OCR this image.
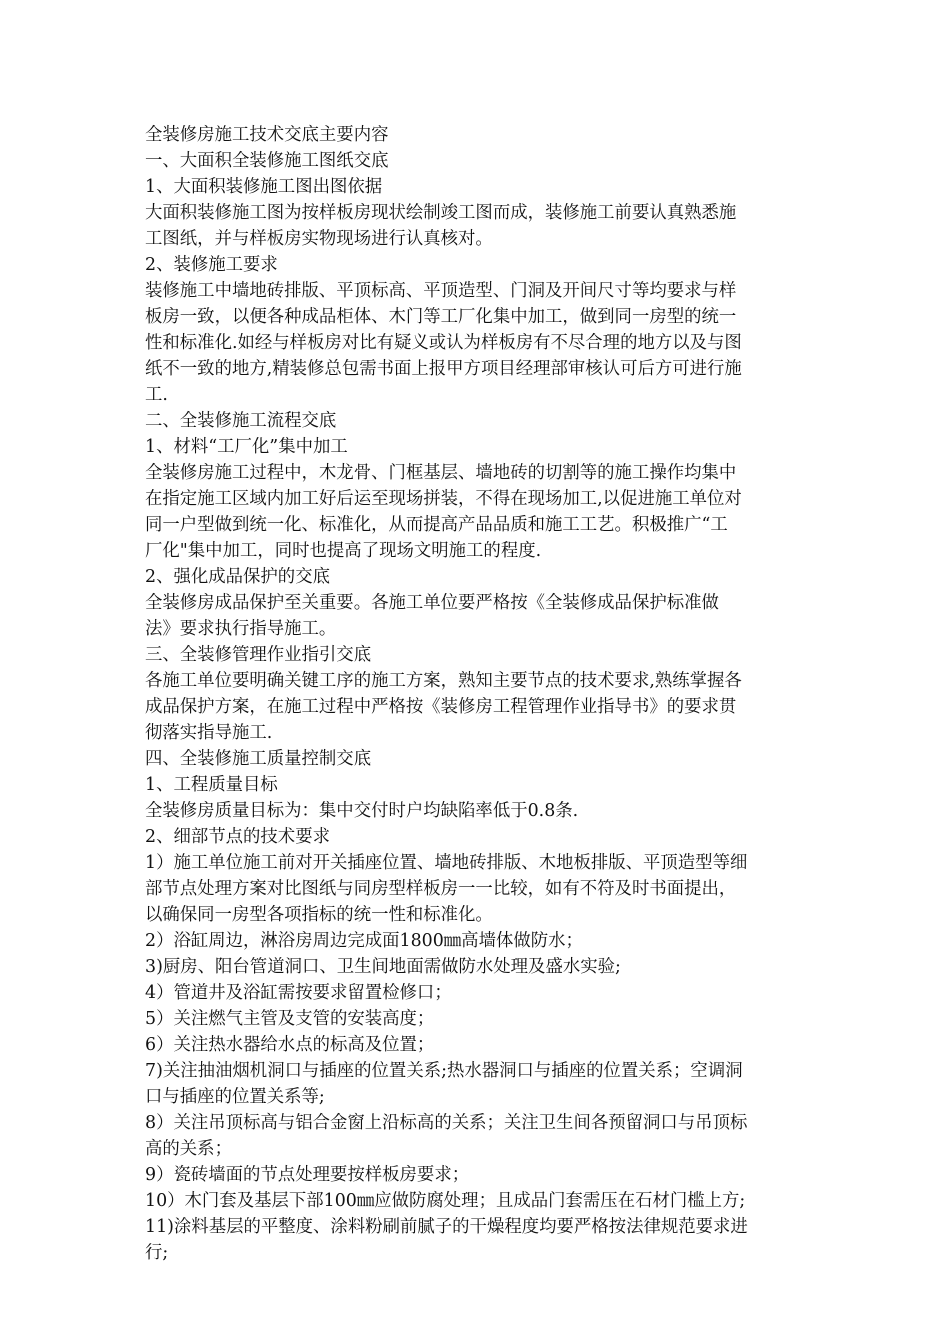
全装修房施工技术交底主要内容
一、大面积全装修施工图纸交底
1、大面积装修施工图出图依据
大面积装修施工图为按样板房现状绘制竣工图而成，装修施工前要认真熟悉施
工图纸，并与样板房实物现场进行认真核对。
2、装修施工要求
装修施工中墙地砖排版、平顶标高、平顶造型、门洞及开间尺寸等均要求与样
板房一致，以便各种成品柜体、木门等工厂化集中加工，做到同一房型的统一
性和标准化.如经与样板房对比有疑义或认为样板房有不尽合理的地方以及与图
纸不一致的地方,精装修总包需书面上报甲方项目经理部审核认可后方可进行施
工.
二、全装修施工流程交底
1、材料“工厂化”集中加工
全装修房施工过程中，木龙骨、门框基层、墙地砖的切割等的施工操作均集中
在指定施工区域内加工好后运至现场拼装，不得在现场加工,以促进施工单位对
同一户型做到统一化、标准化，从而提高产品品质和施工工艺。积极推广“工
厂化"集中加工，同时也提高了现场文明施工的程度.
2、强化成品保护的交底
全装修房成品保护至关重要。各施工单位要严格按《全装修成品保护标准做
法》要求执行指导施工。
三、全装修管理作业指引交底
各施工单位要明确关键工序的施工方案，熟知主要节点的技术要求,熟练掌握各
成品保护方案，在施工过程中严格按《装修房工程管理作业指导书》的要求贯
彻落实指导施工.
四、全装修施工质量控制交底
1、工程质量目标
全装修房质量目标为：集中交付时户均缺陷率低于0.8条.
2、细部节点的技术要求
1）施工单位施工前对开关插座位置、墙地砖排版、木地板排版、平顶造型等细
部节点处理方案对比图纸与同房型样板房一一比较，如有不符及时书面提出，
以确保同一房型各项指标的统一性和标准化。
2）浴缸周边，淋浴房周边完成面1800㎜高墙体做防水；
3)厨房、阳台管道洞口、卫生间地面需做防水处理及盛水实验;
4）管道井及浴缸需按要求留置检修口；
5）关注燃气主管及支管的安装高度；
6）关注热水器给水点的标高及位置；
7)关注抽油烟机洞口与插座的位置关系;热水器洞口与插座的位置关系；空调洞
口与插座的位置关系等;
8）关注吊顶标高与铝合金窗上沿标高的关系；关注卫生间各预留洞口与吊顶标
高的关系；
9）瓷砖墙面的节点处理要按样板房要求；
10）木门套及基层下部100㎜应做防腐处理；且成品门套需压在石材门槛上方;
11)涂料基层的平整度、涂料粉刷前腻子的干燥程度均要严格按法律规范要求进
行;
